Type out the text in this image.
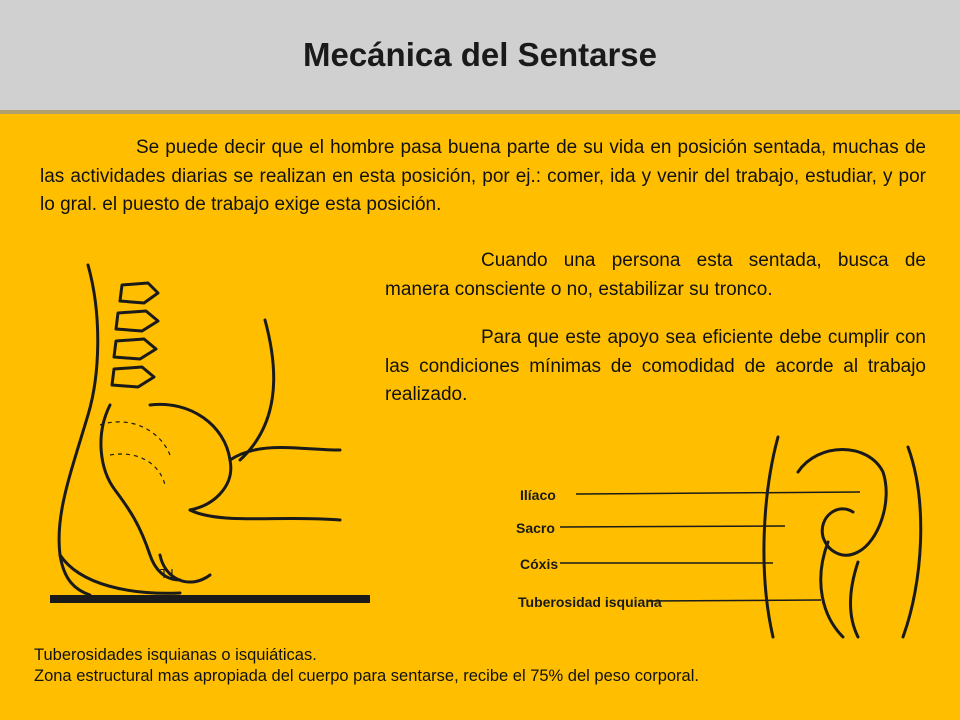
Mecánica del Sentarse

Se puede decir que el hombre pasa buena parte de su vida en posición sentada, muchas de las actividades diarias se realizan en esta posición, por ej.: comer, ida y venir del trabajo, estudiar, y por lo gral. el puesto de trabajo exige esta posición.

Cuando una persona esta sentada, busca de manera consciente o no, estabilizar su tronco.

Para que este apoyo sea eficiente debe cumplir con las condiciones mínimas de comodidad de acorde al trabajo realizado.

T.I
Ilíaco
Sacro
Cóxis
Tuberosidad isquiana
Tuberosidades isquianas o isquiáticas.
Zona estructural mas apropiada del cuerpo para sentarse, recibe el 75% del peso corporal.
